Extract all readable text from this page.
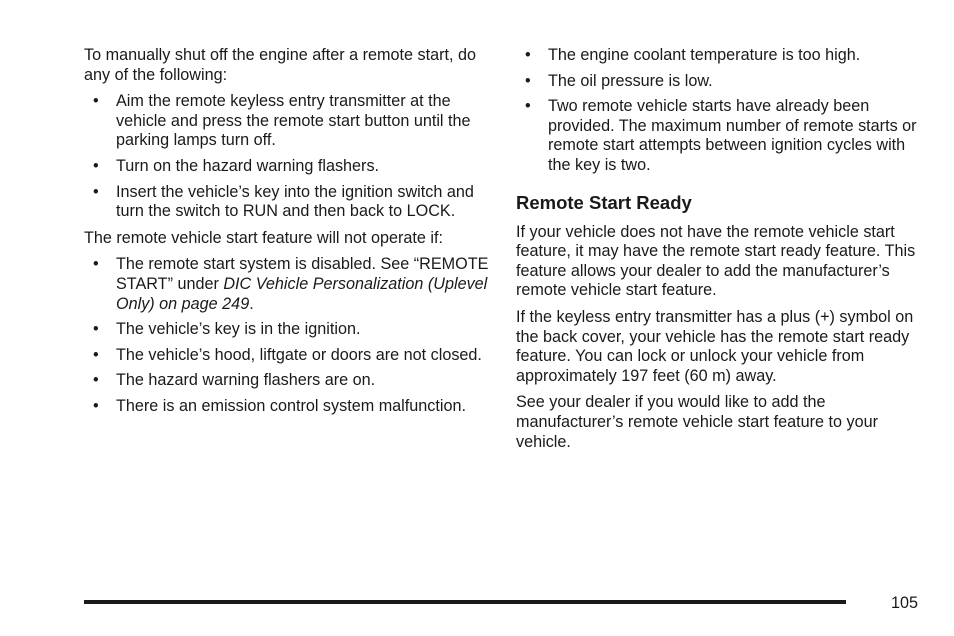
To manually shut off the engine after a remote start, do any of the following:

• Aim the remote keyless entry transmitter at the vehicle and press the remote start button until the parking lamps turn off.
• Turn on the hazard warning flashers.
• Insert the vehicle’s key into the ignition switch and turn the switch to RUN and then back to LOCK.

The remote vehicle start feature will not operate if:

• The remote start system is disabled. See “REMOTE START” under DIC Vehicle Personalization (Uplevel Only) on page 249.
• The vehicle’s key is in the ignition.
• The vehicle’s hood, liftgate or doors are not closed.
• The hazard warning flashers are on.
• There is an emission control system malfunction.
• The engine coolant temperature is too high.
• The oil pressure is low.
• Two remote vehicle starts have already been provided. The maximum number of remote starts or remote start attempts between ignition cycles with the key is two.
Remote Start Ready

If your vehicle does not have the remote vehicle start feature, it may have the remote start ready feature. This feature allows your dealer to add the manufacturer’s remote vehicle start feature.

If the keyless entry transmitter has a plus (+) symbol on the back cover, your vehicle has the remote start ready feature. You can lock or unlock your vehicle from approximately 197 feet (60 m) away.

See your dealer if you would like to add the manufacturer’s remote vehicle start feature to your vehicle.

105
